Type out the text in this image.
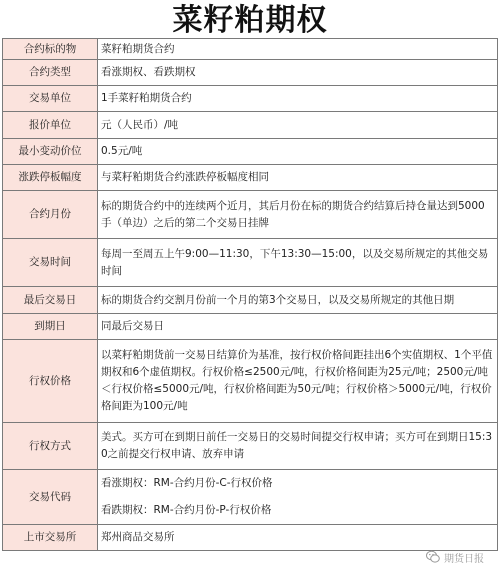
菜籽粕期权
合约标的物	菜籽粕期货合约

合约类型	看涨期权、看跌期权

交易单位	1手菜籽粕期货合约

报价单位	元（人民币）/吨

最小变动价位	0.5元/吨

涨跌停板幅度	与菜籽粕期货合约涨跌停板幅度相同

合约月份	标的期货合约中的连续两个近月，其后月份在标的期货合约结算后持仓量达到5000手（单边）之后的第二个交易日挂牌

交易时间	每周一至周五上午9:00—11:30，下午13:30—15:00，以及交易所规定的其他交易时间

最后交易日	标的期货合约交割月份前一个月的第3个交易日，以及交易所规定的其他日期

到期日	同最后交易日

行权价格	以菜籽粕期货前一交易日结算价为基准，按行权价格间距挂出6个实值期权、1个平值期权和6个虚值期权。行权价格≤2500元/吨，行权价格间距为25元/吨；2500元/吨＜行权价格≤5000元/吨，行权价格间距为50元/吨；行权价格＞5000元/吨，行权价格间距为100元/吨

行权方式	美式。买方可在到期日前任一交易日的交易时间提交行权申请；买方可在到期日15:30之前提交行权申请、放弃申请

交易代码	看涨期权：RM-合约月份-C-行权价格
看跌期权：RM-合约月份-P-行权价格

上市交易所	郑州商品交易所
期货日报
